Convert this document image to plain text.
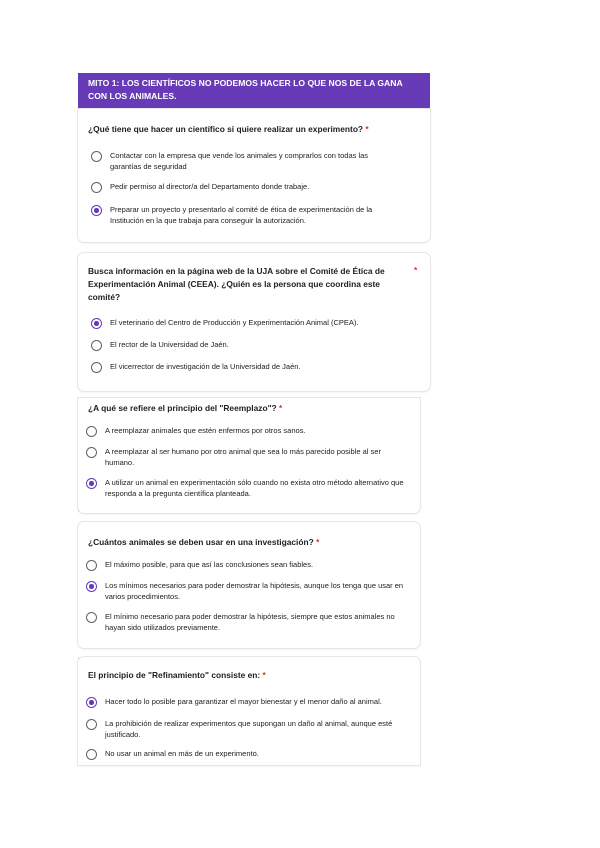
MITO 1: LOS CIENTÍFICOS NO PODEMOS HACER LO QUE NOS DE LA GANA CON LOS ANIMALES.
¿Qué tiene que hacer un científico si quiere realizar un experimento? *
Contactar con la empresa que vende los animales y comprarlos con todas las garantías de seguridad
Pedir permiso al director/a del Departamento donde trabaje.
Preparar un proyecto y presentarlo al comité de ética de experimentación de la Institución en la que trabaja para conseguir la autorización.
Busca información en la página web de la UJA sobre el Comité de Ética de Experimentación Animal (CEEA). ¿Quién es la persona que coordina este comité?
*
El veterinario del Centro de Producción y Experimentación Animal (CPEA).
El rector de la Universidad de Jaén.
El vicerrector de investigación de la Universidad de Jaén.
¿A qué se refiere el principio del "Reemplazo"? *
A reemplazar animales que estén enfermos por otros sanos.
A reemplazar al ser humano por otro animal que sea lo más parecido posible al ser humano.
A utilizar un animal en experimentación sólo cuando no exista otro método alternativo que responda a la pregunta científica planteada.
¿Cuántos animales se deben usar en una investigación? *
El máximo posible, para que así las conclusiones sean fiables.
Los mínimos necesarios para poder demostrar la hipótesis, aunque los tenga que usar en varios procedimientos.
El mínimo necesario para poder demostrar la hipótesis, siempre que estos animales no hayan sido utilizados previamente.
El principio de "Refinamiento" consiste en: *
Hacer todo lo posible para garantizar el mayor bienestar y el menor daño al animal.
La prohibición de realizar experimentos que supongan un daño al animal, aunque esté justificado.
No usar un animal en más de un experimento.
